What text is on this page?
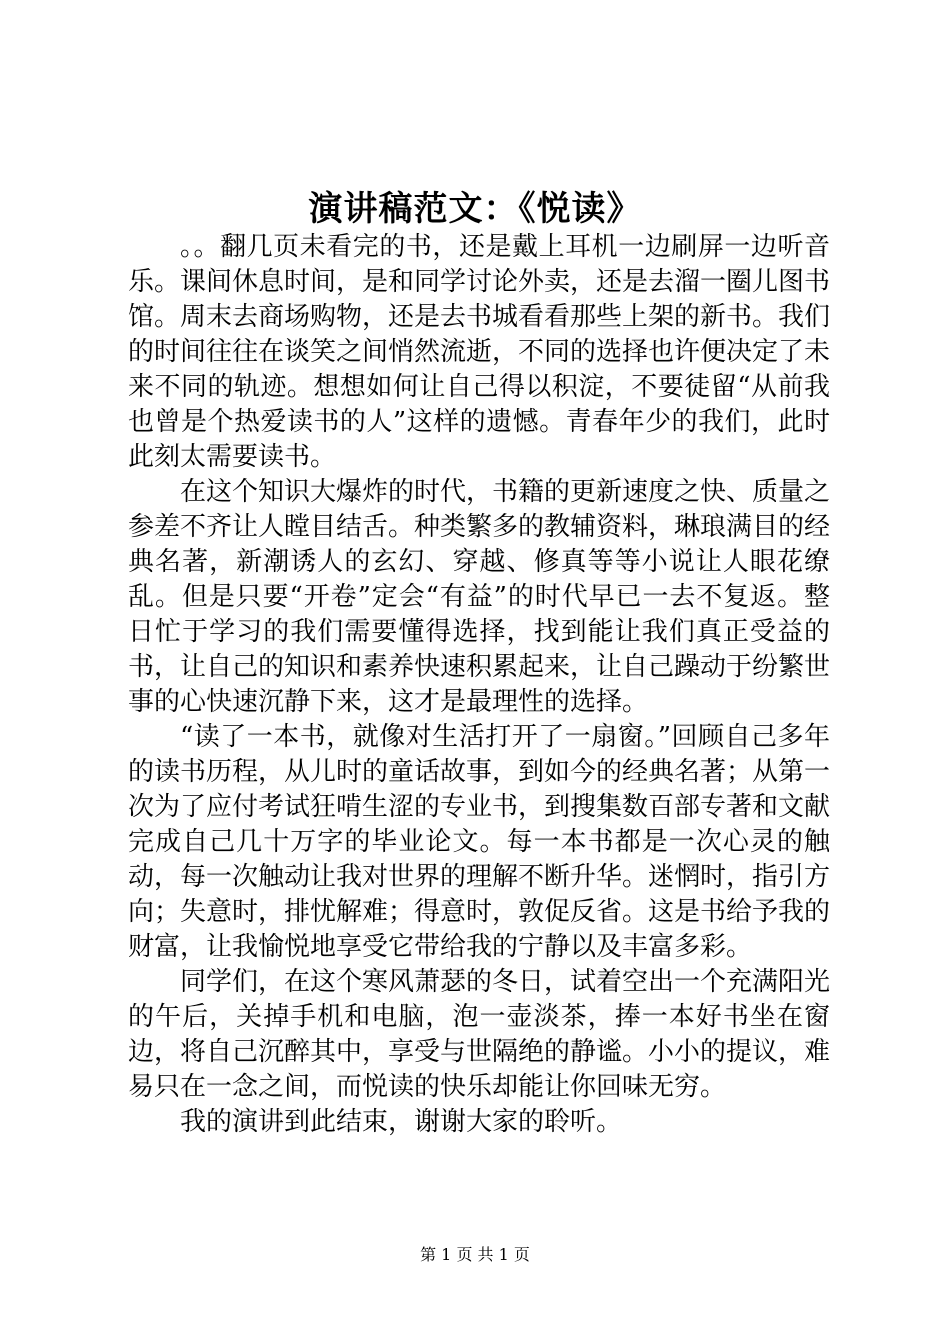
演讲稿范文：《悦读》

。。翻几页未看完的书，还是戴上耳机一边刷屏一边听音乐。课间休息时间，是和同学讨论外卖，还是去溜一圈儿图书馆。周末去商场购物，还是去书城看看那些上架的新书。我们的时间往往在谈笑之间悄然流逝，不同的选择也许便决定了未来不同的轨迹。想想如何让自己得以积淀，不要徒留“从前我也曾是个热爱读书的人”这样的遗憾。青春年少的我们，此时此刻太需要读书。

在这个知识大爆炸的时代，书籍的更新速度之快、质量之参差不齐让人瞠目结舌。种类繁多的教辅资料，琳琅满目的经典名著，新潮诱人的玄幻、穿越、修真等等小说让人眼花缭乱。但是只要“开卷”定会“有益”的时代早已一去不复返。整日忙于学习的我们需要懂得选择，找到能让我们真正受益的书，让自己的知识和素养快速积累起来，让自己躁动于纷繁世事的心快速沉静下来，这才是最理性的选择。

“读了一本书，就像对生活打开了一扇窗。”回顾自己多年的读书历程，从儿时的童话故事，到如今的经典名著；从第一次为了应付考试狂啃生涩的专业书，到搜集数百部专著和文献完成自己几十万字的毕业论文。每一本书都是一次心灵的触动，每一次触动让我对世界的理解不断升华。迷惘时，指引方向；失意时，排忧解难；得意时，敦促反省。这是书给予我的财富，让我愉悦地享受它带给我的宁静以及丰富多彩。

同学们，在这个寒风萧瑟的冬日，试着空出一个充满阳光的午后，关掉手机和电脑，泡一壶淡茶，捧一本好书坐在窗边，将自己沉醉其中，享受与世隔绝的静谧。小小的提议，难易只在一念之间，而悦读的快乐却能让你回味无穷。

我的演讲到此结束，谢谢大家的聆听。

第 1 页 共 1 页
